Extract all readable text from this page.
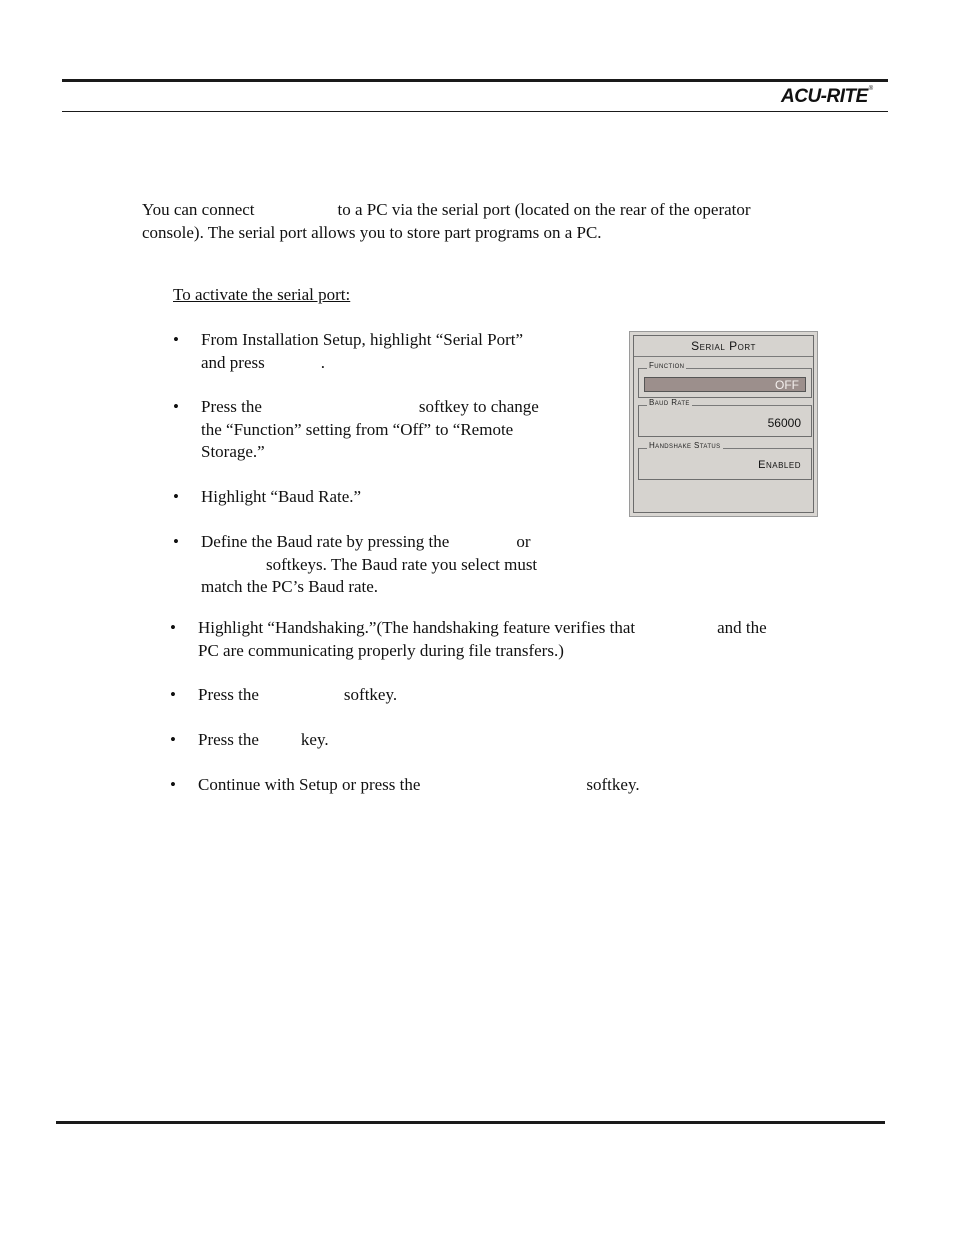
ACU-RITE®
You can connect	to a PC via the serial port (located on the rear of the operator
console). The serial port allows you to store part programs on a PC.
To activate the serial port:
• From Installation Setup, highlight “Serial Port”
and press	.
• Press the	softkey to change
the “Function” setting from “Off” to “Remote
Storage.”
• Highlight “Baud Rate.”
• Define the Baud rate by pressing the	or
softkeys. The Baud rate you select must
match the PC’s Baud rate.
• Highlight “Handshaking.”(The handshaking feature verifies that	and the
PC are communicating properly during file transfers.)
• Press the	softkey.
• Press the key.
• Continue with Setup or press the	softkey.
Serial Port
Function
OFF
Baud Rate
56000
Handshake Status
Enabled
